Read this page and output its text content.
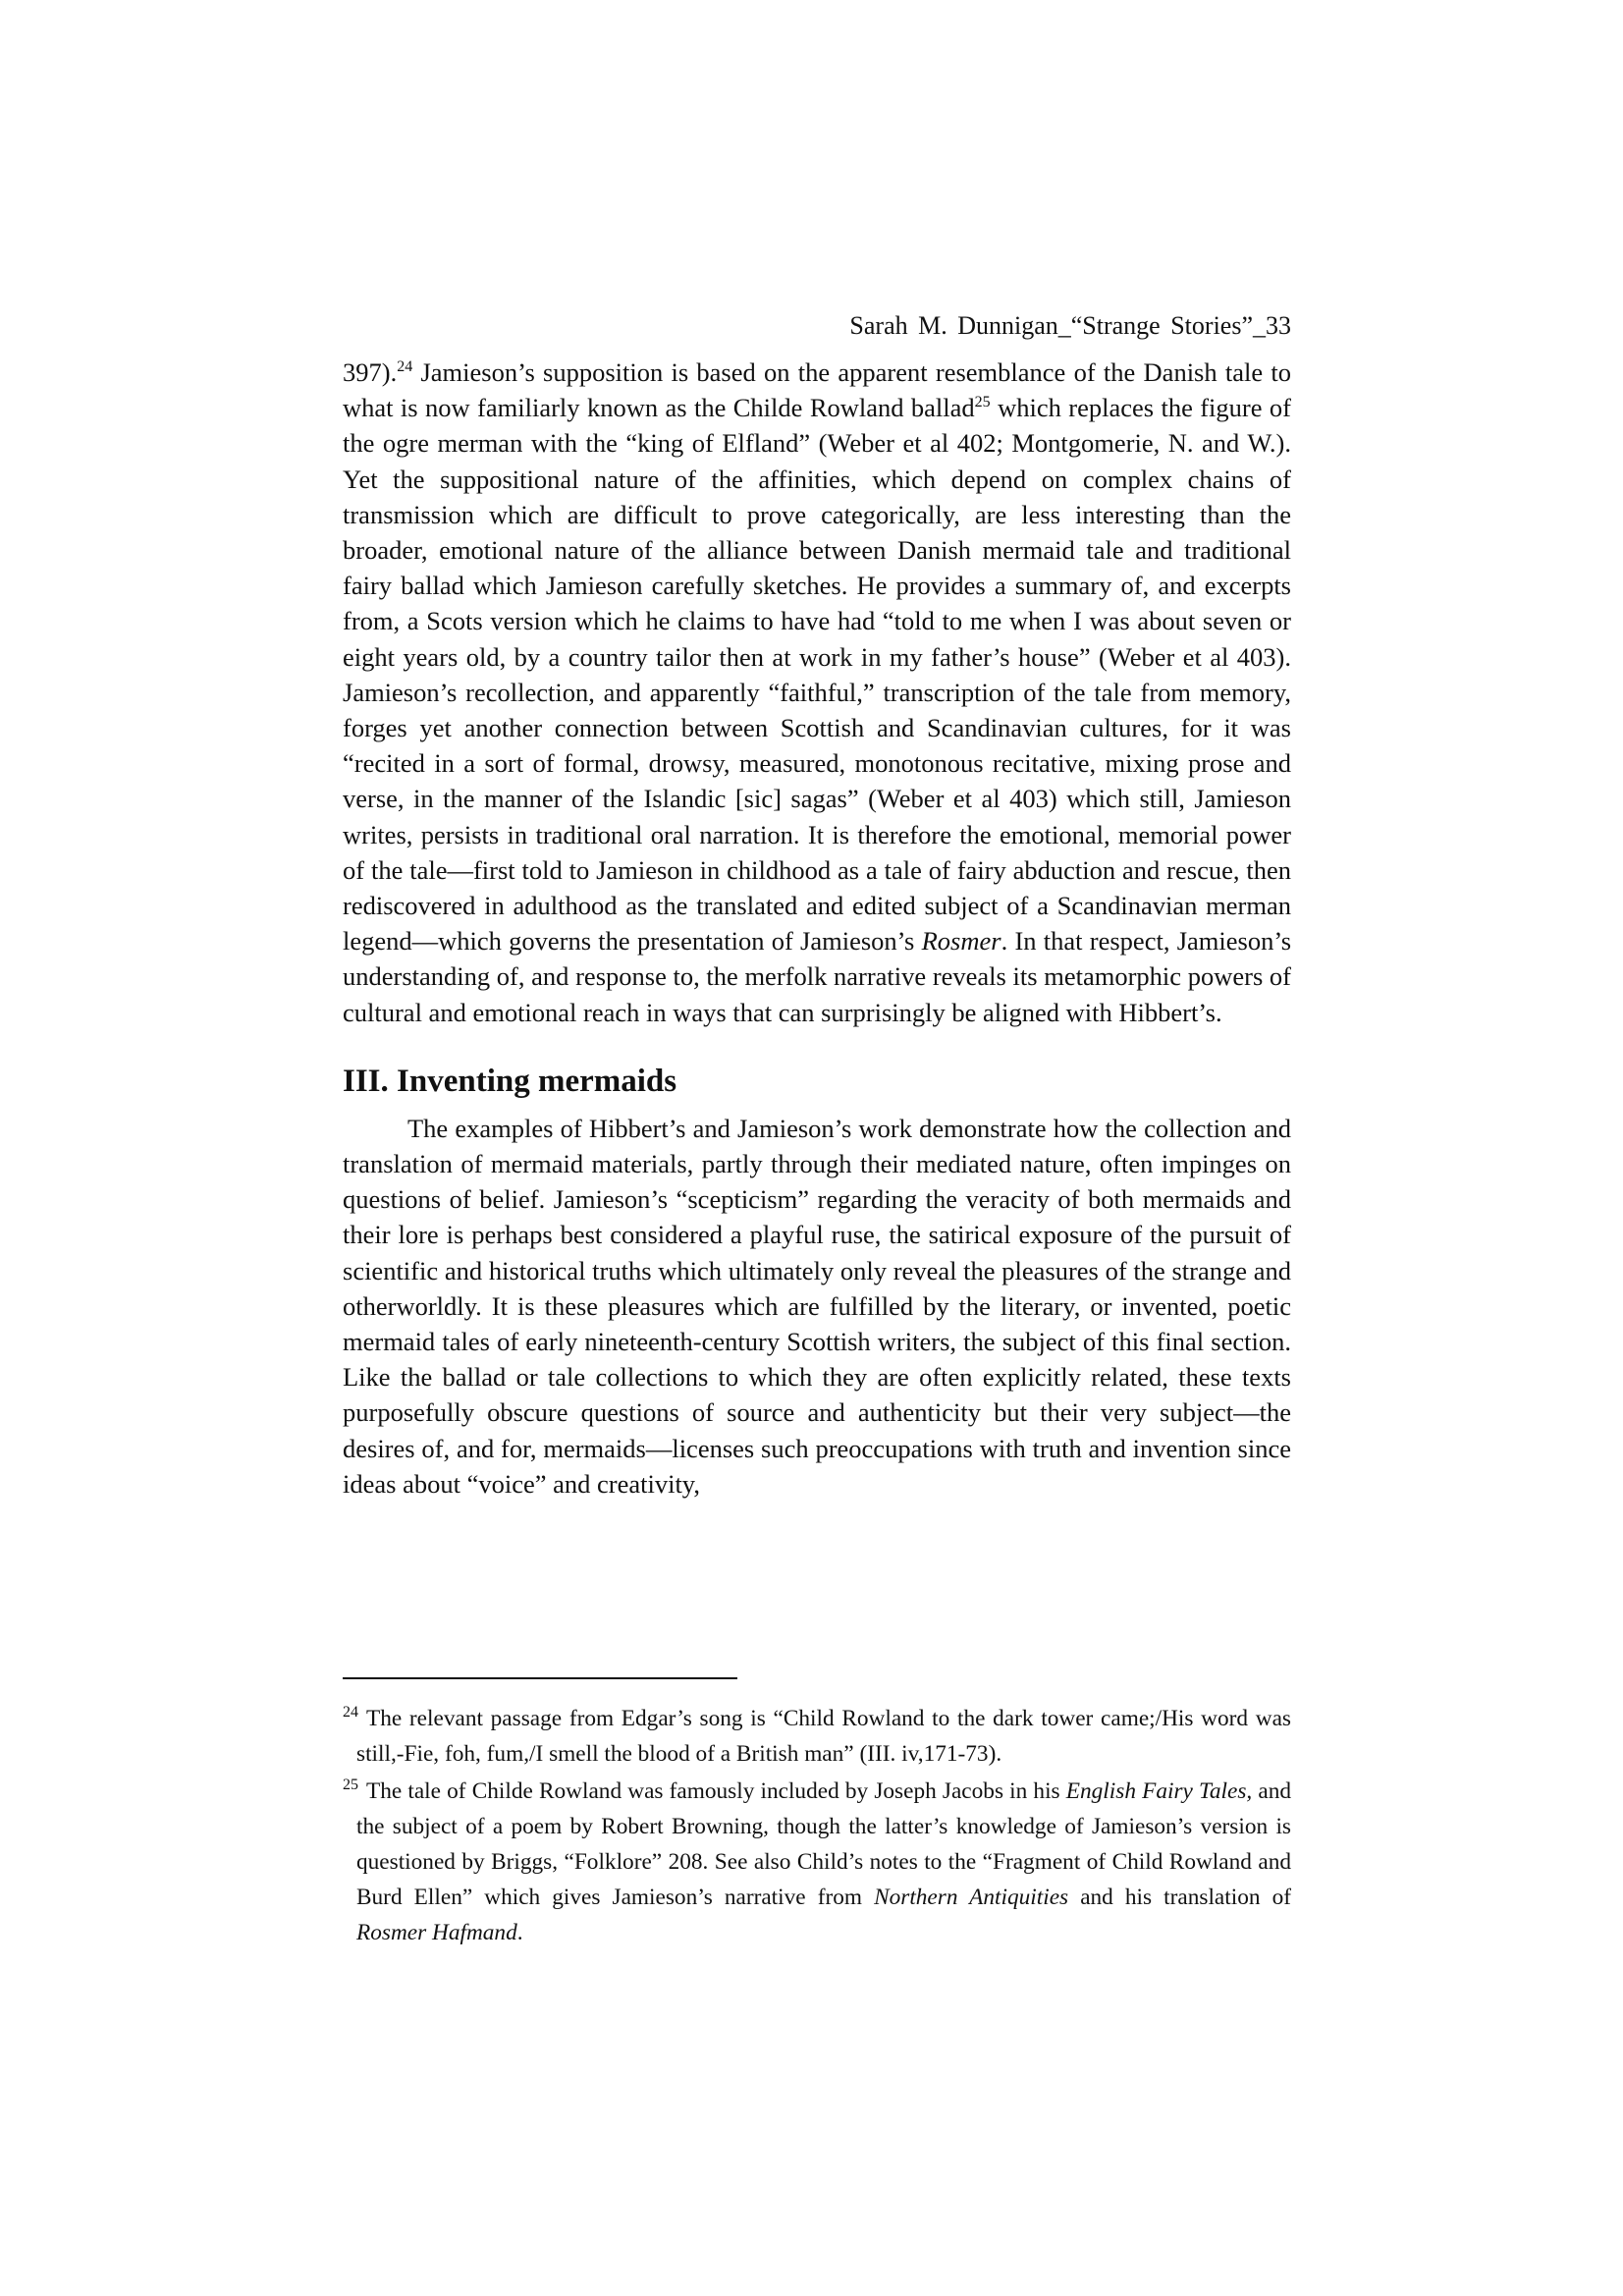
Sarah M. Dunnigan_“Strange Stories”_33

397).$^{24}$ Jamieson’s supposition is based on the apparent resemblance of the Danish tale to what is now familiarly known as the Childe Rowland ballad$^{25}$ which replaces the figure of the ogre merman with the “king of Elfland” (Weber et al 402; Montgomerie, N. and W.). Yet the suppositional nature of the affinities, which depend on complex chains of transmission which are difficult to prove categorically, are less interesting than the broader, emotional nature of the alliance between Danish mermaid tale and traditional fairy ballad which Jamieson carefully sketches. He provides a summary of, and excerpts from, a Scots version which he claims to have had “told to me when I was about seven or eight years old, by a country tailor then at work in my father’s house” (Weber et al 403). Jamieson’s recollection, and apparently “faithful,” transcription of the tale from memory, forges yet another connection between Scottish and Scandinavian cultures, for it was “recited in a sort of formal, drowsy, measured, monotonous recitative, mixing prose and verse, in the manner of the Islandic [sic] sagas” (Weber et al 403) which still, Jamieson writes, persists in traditional oral narration. It is therefore the emotional, memorial power of the tale—first told to Jamieson in childhood as a tale of fairy abduction and rescue, then rediscovered in adulthood as the translated and edited subject of a Scandinavian merman legend—which governs the presentation of Jamieson’s Rosmer. In that respect, Jamieson’s understanding of, and response to, the merfolk narrative reveals its metamorphic powers of cultural and emotional reach in ways that can surprisingly be aligned with Hibbert’s.

III. Inventing mermaids

The examples of Hibbert’s and Jamieson’s work demonstrate how the collection and translation of mermaid materials, partly through their mediated nature, often impinges on questions of belief. Jamieson’s “scepticism” regarding the veracity of both mermaids and their lore is perhaps best considered a playful ruse, the satirical exposure of the pursuit of scientific and historical truths which ultimately only reveal the pleasures of the strange and otherworldly. It is these pleasures which are fulfilled by the literary, or invented, poetic mermaid tales of early nineteenth-century Scottish writers, the subject of this final section. Like the ballad or tale collections to which they are often explicitly related, these texts purposefully obscure questions of source and authenticity but their very subject—the desires of, and for, mermaids—licenses such preoccupations with truth and invention since ideas about “voice” and creativity,

$^{24}$ The relevant passage from Edgar’s song is “Child Rowland to the dark tower came;/His word was still,-Fie, foh, fum,/I smell the blood of a British man” (III. iv,171-73).

$^{25}$ The tale of Childe Rowland was famously included by Joseph Jacobs in his English Fairy Tales, and the subject of a poem by Robert Browning, though the latter’s knowledge of Jamieson’s version is questioned by Briggs, “Folklore” 208. See also Child’s notes to the “Fragment of Child Rowland and Burd Ellen” which gives Jamieson’s narrative from Northern Antiquities and his translation of Rosmer Hafmand.
